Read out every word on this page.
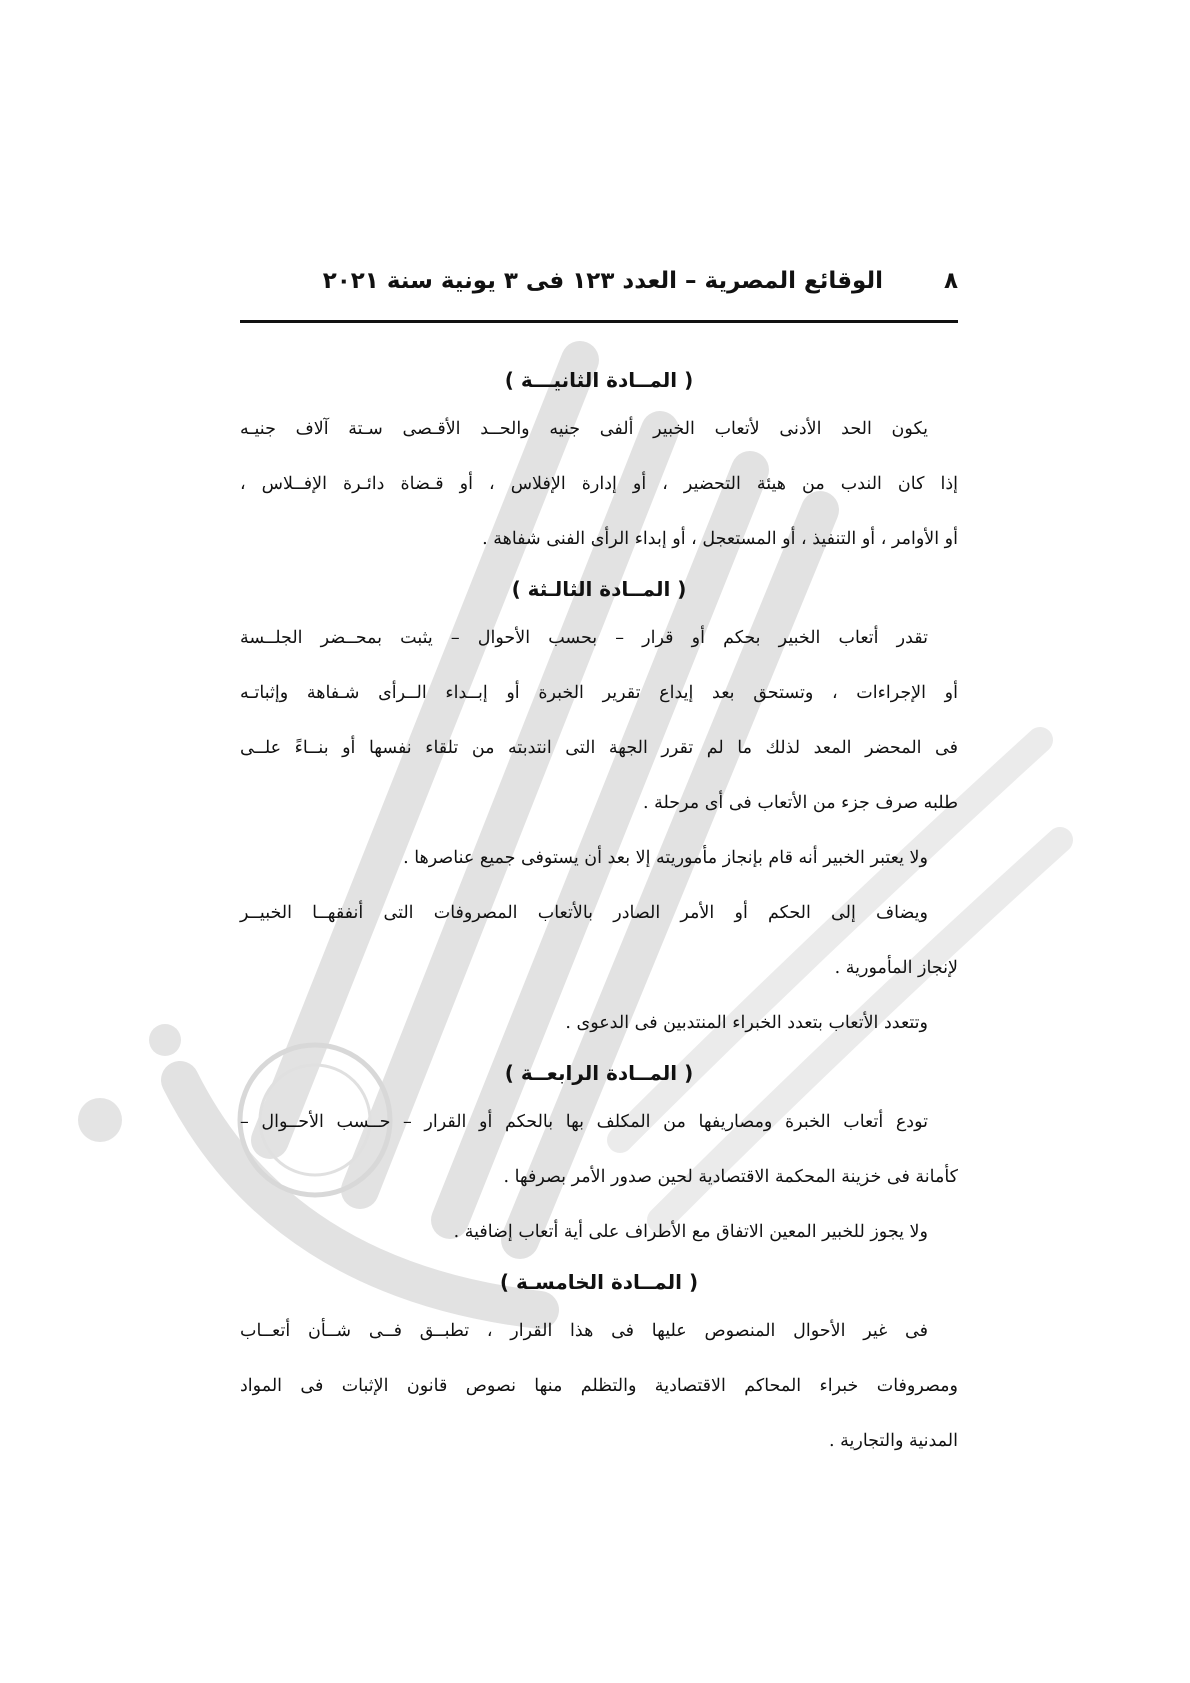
الوقائع المصرية – العدد ١٢٣ فى ٣ يونية سنة ٢٠٢١	٨
( المــادة الثانيـــة )

يكون الحد الأدنى لأتعاب الخبير ألفى جنيه والحــد الأقـصى سـتة آلاف جنيـه

إذا كان الندب من هيئة التحضير ، أو إدارة الإفلاس ، أو قـضاة دائـرة الإفــلاس ،

أو الأوامر ، أو التنفيذ ، أو المستعجل ، أو إبداء الرأى الفنى شفاهة .

( المــادة الثالـثة )

تقدر أتعاب الخبير بحكم أو قرار – بحسب الأحوال – يثبت بمحــضر الجلــسة

أو الإجراءات ، وتستحق بعد إيداع تقرير الخبرة أو إبــداء الــرأى شـفاهة وإثباتـه

فى المحضر المعد لذلك ما لم تقرر الجهة التى انتدبته من تلقاء نفسها أو بنــاءً علــى

طلبه صرف جزء من الأتعاب فى أى مرحلة .

ولا يعتبر الخبير أنه قام بإنجاز مأموريته إلا بعد أن يستوفى جميع عناصرها .

ويضاف إلى الحكم أو الأمر الصادر بالأتعاب المصروفات التى أنفقهــا الخبيــر

لإنجاز المأمورية .

وتتعدد الأتعاب بتعدد الخبراء المنتدبين فى الدعوى .

( المــادة الرابعــة )

تودع أتعاب الخبرة ومصاريفها من المكلف بها بالحكم أو القرار – حــسب الأحــوال –

كأمانة فى خزينة المحكمة الاقتصادية لحين صدور الأمر بصرفها .

ولا يجوز للخبير المعين الاتفاق مع الأطراف على أية أتعاب إضافية .

( المــادة الخامسـة )

فى غير الأحوال المنصوص عليها فى هذا القرار ، تطبــق فــى شــأن أتعــاب

ومصروفات خبراء المحاكم الاقتصادية والتظلم منها نصوص قانون الإثبات فى المواد

المدنية والتجارية .
